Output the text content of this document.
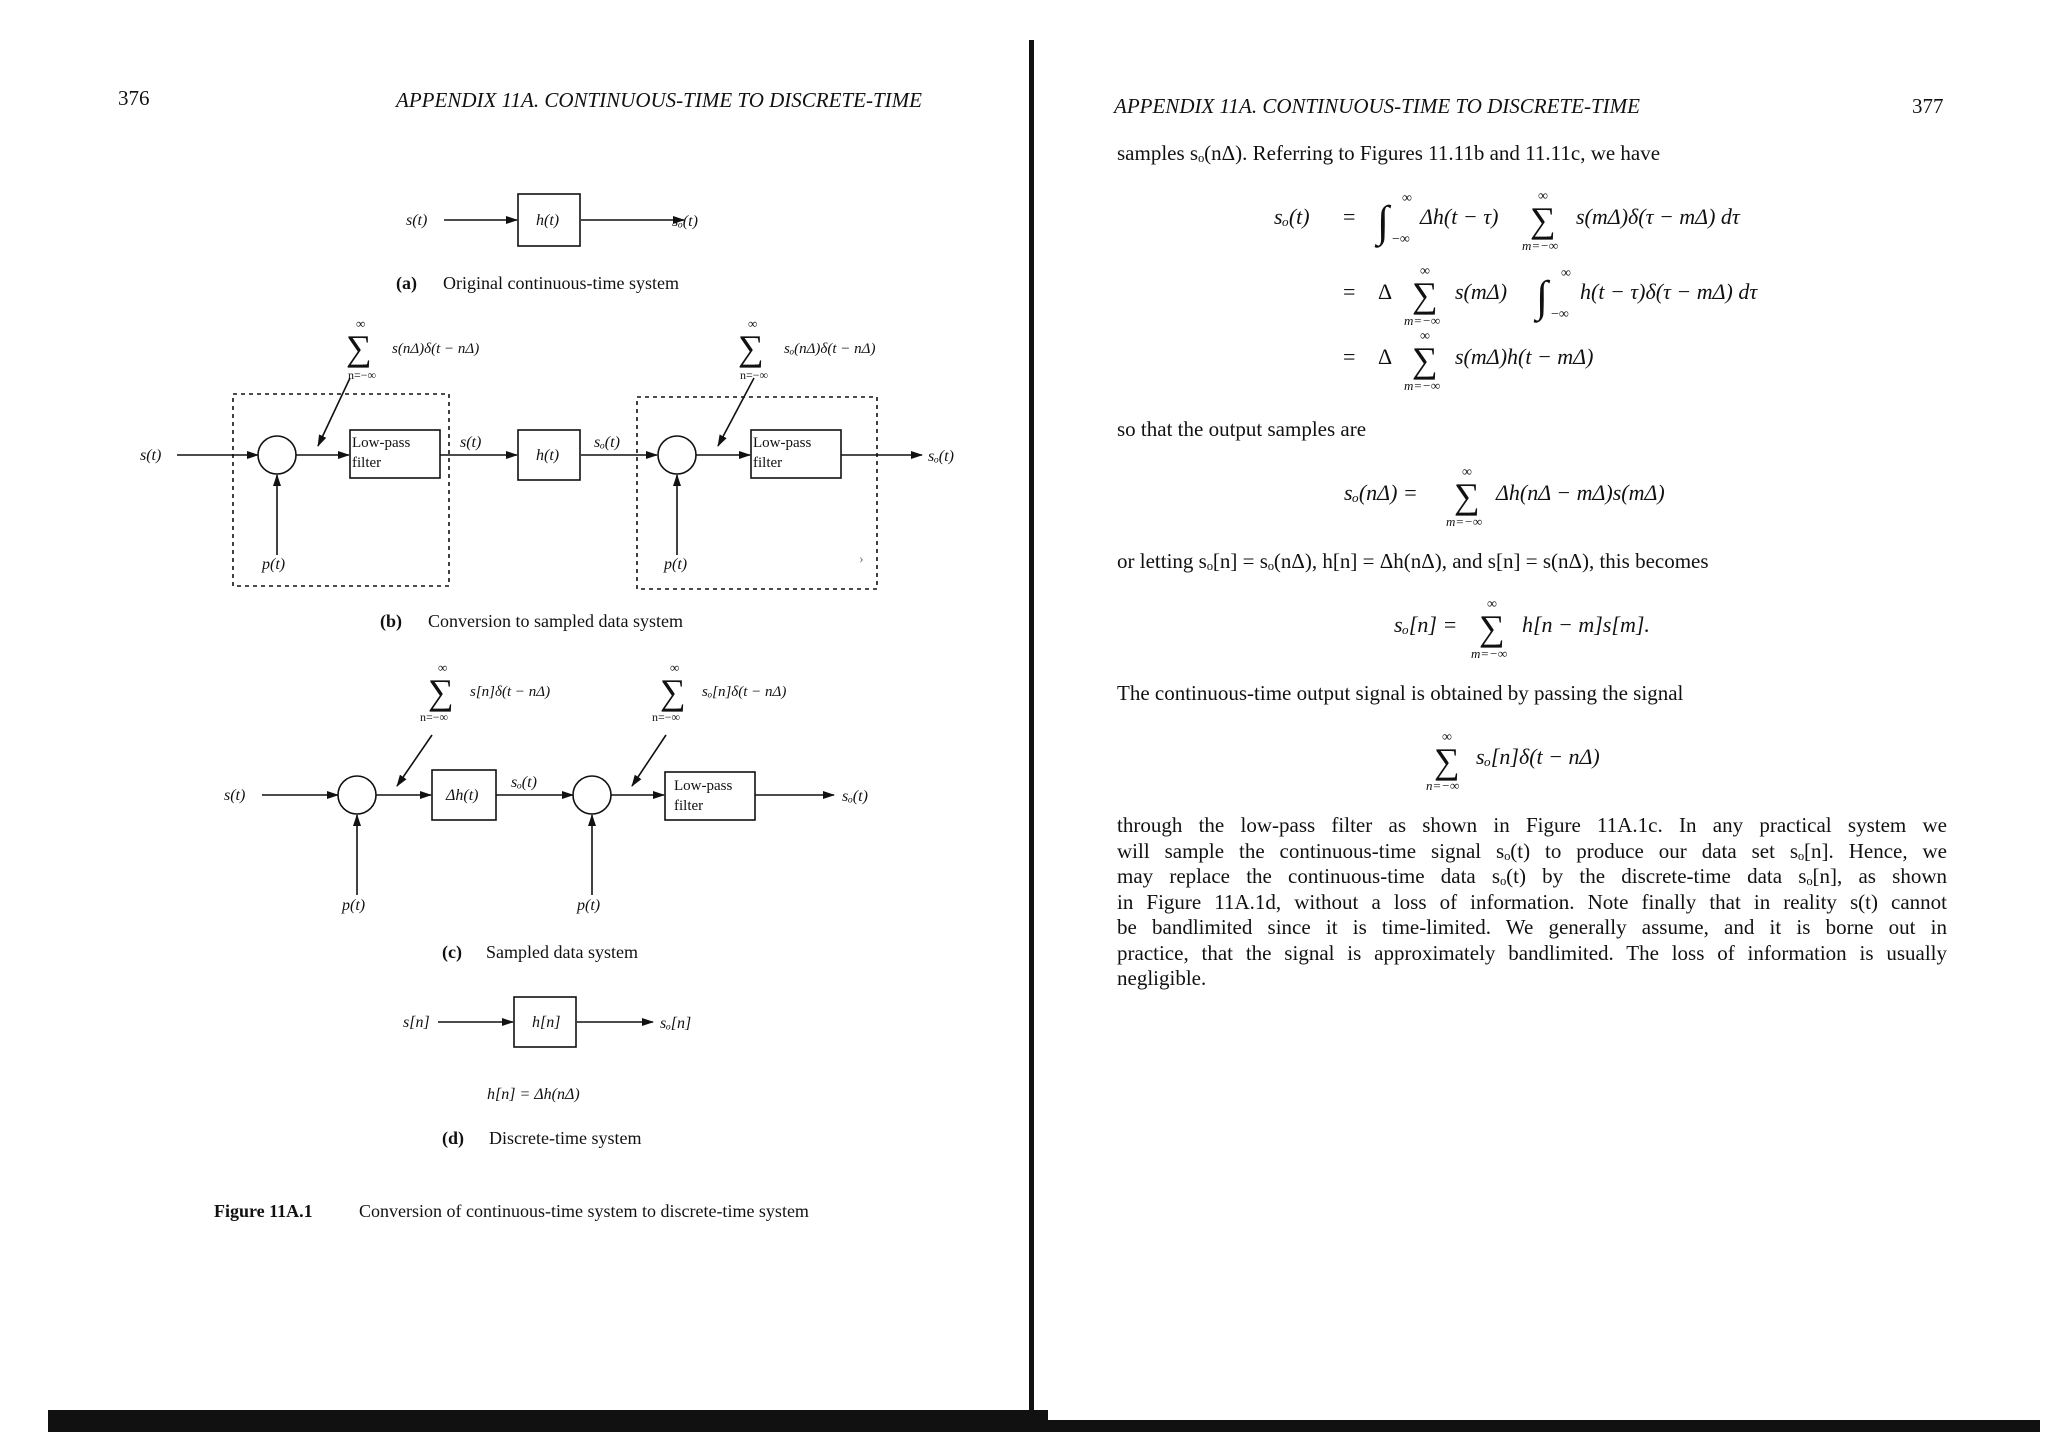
376	APPENDIX 11A. CONTINUOUS-TIME TO DISCRETE-TIME	APPENDIX 11A. CONTINUOUS-TIME TO DISCRETE-TIME	377
s(t)	h(t)	sₒ(t)
s(t)
Low-pass
filter
s(t)
h(t)
sₒ(t)	Low-pass
filter	sₒ(t)
p(t)	p(t)	›
∞
∑
n=−∞
s(nΔ)δ(t − nΔ)
∞
∑
n=−∞
sₒ(nΔ)δ(t − nΔ)
s(t)	Δh(t)
sₒ(t)	Low-pass
filter
sₒ(t)
p(t)	p(t)
∞
∑
n=−∞
s[n]δ(t − nΔ)
∞
∑
n=−∞
sₒ[n]δ(t − nΔ)
s[n]	h[n]	sₒ[n]
h[n] = Δh(nΔ)
(a) Original continuous-time system
(b) Conversion to sampled data system
(c) Sampled data system
(d) Discrete-time system
Figure 11A.1	Conversion of continuous-time system to discrete-time system
samples sₒ(nΔ). Referring to Figures 11.11b and 11.11c, we have
sₒ(t) = ∫ ∞
−∞
Δh(t − τ)
∞
∑
m=−∞
s(mΔ)δ(τ − mΔ) dτ
= Δ
∞
∑
m=−∞
s(mΔ) ∫ ∞
−∞
h(t − τ)δ(τ − mΔ) dτ
= Δ
∞
∑
m=−∞
s(mΔ)h(t − mΔ)
so that the output samples are
sₒ(nΔ) =
∞
∑
m=−∞
Δh(nΔ − mΔ)s(mΔ)
or letting sₒ[n] = sₒ(nΔ), h[n] = Δh(nΔ), and s[n] = s(nΔ), this becomes
sₒ[n] =
∞
∑
m=−∞
h[n − m]s[m].
The continuous-time output signal is obtained by passing the signal
∞
∑
n=−∞
sₒ[n]δ(t − nΔ)
through the low-pass filter as shown in Figure 11A.1c. In any practical system we
will sample the continuous-time signal sₒ(t) to produce our data set sₒ[n]. Hence, we
may replace the continuous-time data sₒ(t) by the discrete-time data sₒ[n], as shown
in Figure 11A.1d, without a loss of information. Note finally that in reality s(t) cannot
be bandlimited since it is time-limited. We generally assume, and it is borne out in
practice, that the signal is approximately bandlimited. The loss of information is usually
negligible.
